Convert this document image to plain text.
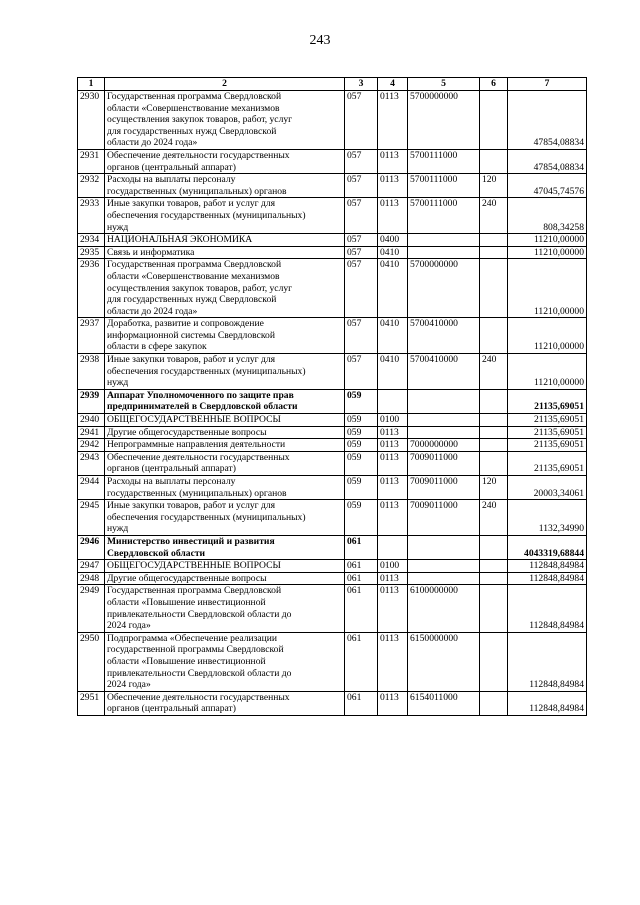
243
1	2	3	4	5	6	7
2930	Государственная программа Свердловской
области «Совершенствование механизмов
осуществления закупок товаров, работ, услуг
для государственных нужд Свердловской
области до 2024 года»	057	0113	5700000000		47854,08834
2931	Обеспечение деятельности государственных
органов (центральный аппарат)	057	0113	5700111000		47854,08834
2932	Расходы на выплаты персоналу
государственных (муниципальных) органов	057	0113	5700111000	120	47045,74576
2933	Иные закупки товаров, работ и услуг для
обеспечения государственных (муниципальных)
нужд	057	0113	5700111000	240	808,34258
2934	НАЦИОНАЛЬНАЯ ЭКОНОМИКА	057	0400			11210,00000
2935	Связь и информатика	057	0410			11210,00000
2936	Государственная программа Свердловской
области «Совершенствование механизмов
осуществления закупок товаров, работ, услуг
для государственных нужд Свердловской
области до 2024 года»	057	0410	5700000000		11210,00000
2937	Доработка, развитие и сопровождение
информационной системы Свердловской
области в сфере закупок	057	0410	5700410000		11210,00000
2938	Иные закупки товаров, работ и услуг для
обеспечения государственных (муниципальных)
нужд	057	0410	5700410000	240	11210,00000
2939	Аппарат Уполномоченного по защите прав
предпринимателей в Свердловской области	059				21135,69051
2940	ОБЩЕГОСУДАРСТВЕННЫЕ ВОПРОСЫ	059	0100			21135,69051
2941	Другие общегосударственные вопросы	059	0113			21135,69051
2942	Непрограммные направления деятельности	059	0113	7000000000		21135,69051
2943	Обеспечение деятельности государственных
органов (центральный аппарат)	059	0113	7009011000		21135,69051
2944	Расходы на выплаты персоналу
государственных (муниципальных) органов	059	0113	7009011000	120	20003,34061
2945	Иные закупки товаров, работ и услуг для
обеспечения государственных (муниципальных)
нужд	059	0113	7009011000	240	1132,34990
2946	Министерство инвестиций и развития
Свердловской области	061				4043319,68844
2947	ОБЩЕГОСУДАРСТВЕННЫЕ ВОПРОСЫ	061	0100			112848,84984
2948	Другие общегосударственные вопросы	061	0113			112848,84984
2949	Государственная программа Свердловской
области «Повышение инвестиционной
привлекательности Свердловской области до
2024 года»	061	0113	6100000000		112848,84984
2950	Подпрограмма «Обеспечение реализации
государственной программы Свердловской
области «Повышение инвестиционной
привлекательности Свердловской области до
2024 года»	061	0113	6150000000		112848,84984
2951	Обеспечение деятельности государственных
органов (центральный аппарат)	061	0113	6154011000		112848,84984
